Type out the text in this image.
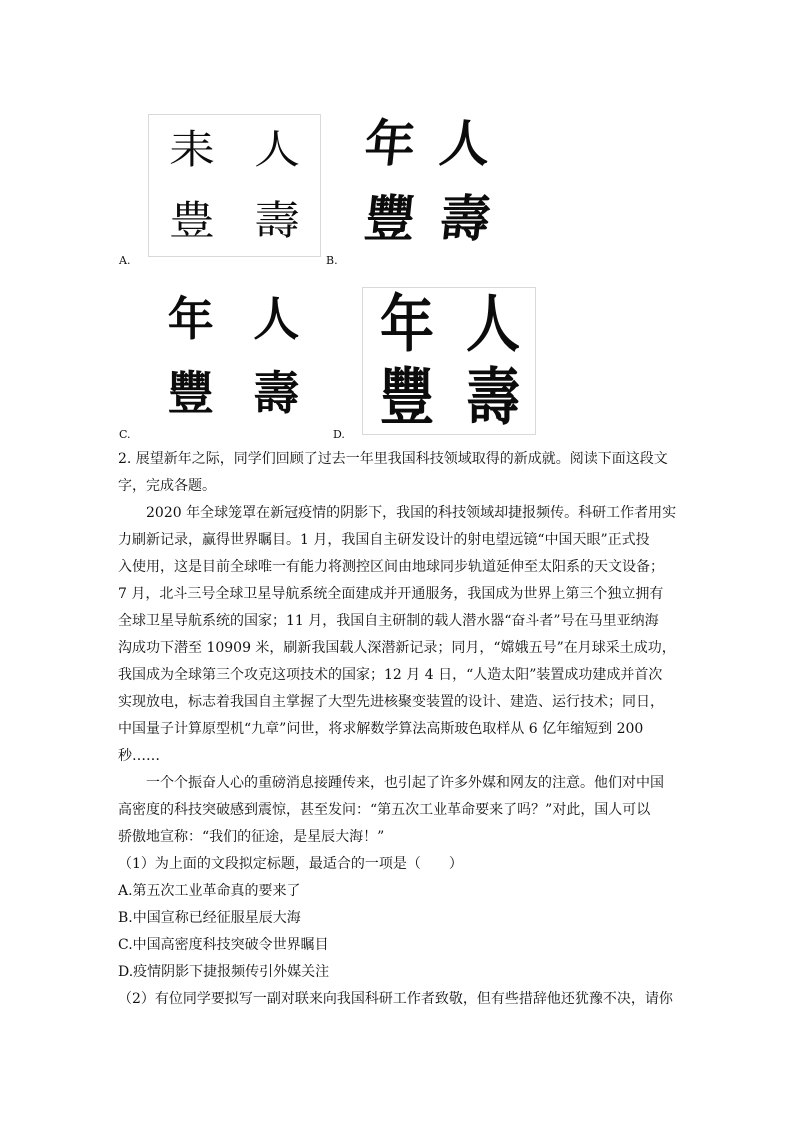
耒 人
豊 壽
A.
年 人
豐 壽
B.
年 人
豐 壽
C.
年 人
豐 壽
D.

2. 展望新年之际，同学们回顾了过去一年里我国科技领域取得的新成就。阅读下面这段文

字，完成各题。

2020 年全球笼罩在新冠疫情的阴影下，我国的科技领域却捷报频传。科研工作者用实

力刷新记录，赢得世界瞩目。1 月，我国自主研发设计的射电望远镜“中国天眼”正式投

入使用，这是目前全球唯一有能力将测控区间由地球同步轨道延伸至太阳系的天文设备；

7 月，北斗三号全球卫星导航系统全面建成并开通服务，我国成为世界上第三个独立拥有

全球卫星导航系统的国家；11 月，我国自主研制的载人潜水器“奋斗者”号在马里亚纳海

沟成功下潜至 10909 米，刷新我国载人深潜新记录；同月，“嫦娥五号”在月球采土成功，

我国成为全球第三个攻克这项技术的国家；12 月 4 日，“人造太阳”装置成功建成并首次

实现放电，标志着我国自主掌握了大型先进核聚变装置的设计、建造、运行技术；同日，

中国量子计算原型机“九章”问世，将求解数学算法高斯玻色取样从 6 亿年缩短到 200

秒……

一个个振奋人心的重磅消息接踵传来，也引起了许多外媒和网友的注意。他们对中国

高密度的科技突破感到震惊，甚至发问：“第五次工业革命要来了吗？”对此，国人可以

骄傲地宣称：“我们的征途，是星辰大海！”

（1）为上面的文段拟定标题，最适合的一项是（　　）

A.第五次工业革命真的要来了

B.中国宣称已经征服星辰大海

C.中国高密度科技突破令世界瞩目

D.疫情阴影下捷报频传引外媒关注

（2）有位同学要拟写一副对联来向我国科研工作者致敬，但有些措辞他还犹豫不决，请你
